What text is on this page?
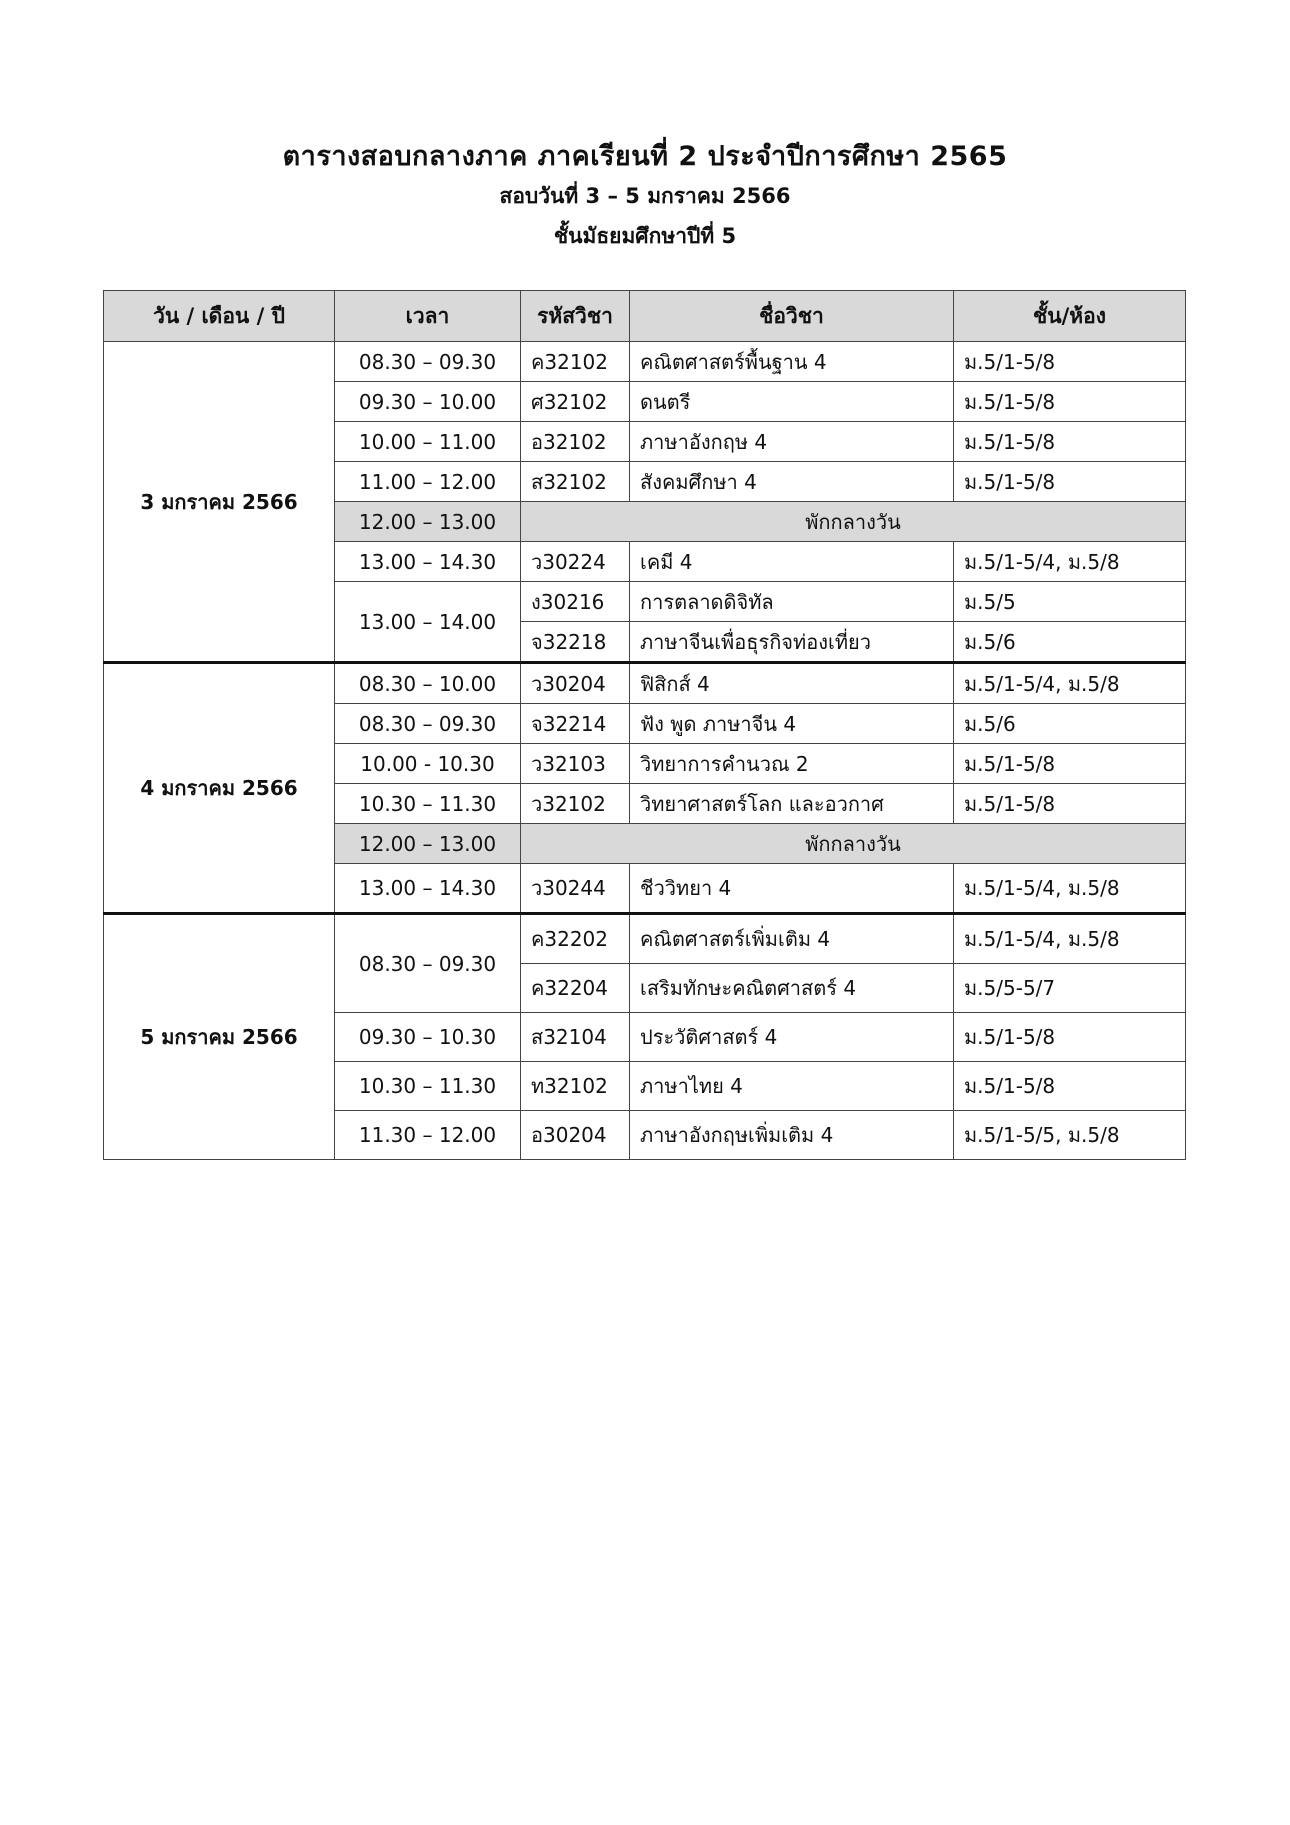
ตารางสอบกลางภาค ภาคเรียนที่ 2 ประจำปีการศึกษา 2565
สอบวันที่ 3 – 5 มกราคม 2566
ชั้นมัธยมศึกษาปีที่ 5
วัน / เดือน / ปี	เวลา	รหัสวิชา	ชื่อวิชา	ชั้น/ห้อง
3 มกราคม 2566	08.30 – 09.30	ค32102	คณิตศาสตร์พื้นฐาน 4	ม.5/1-5/8
	09.30 – 10.00	ศ32102	ดนตรี	ม.5/1-5/8
	10.00 – 11.00	อ32102	ภาษาอังกฤษ 4	ม.5/1-5/8
	11.00 – 12.00	ส32102	สังคมศึกษา 4	ม.5/1-5/8
	12.00 – 13.00	พักกลางวัน		
	13.00 – 14.30	ว30224	เคมี 4	ม.5/1-5/4, ม.5/8
	13.00 – 14.00	ง30216	การตลาดดิจิทัล	ม.5/5
		จ32218	ภาษาจีนเพื่อธุรกิจท่องเที่ยว	ม.5/6
4 มกราคม 2566	08.30 – 10.00	ว30204	ฟิสิกส์ 4	ม.5/1-5/4, ม.5/8
	08.30 – 09.30	จ32214	ฟัง พูด ภาษาจีน 4	ม.5/6
	10.00 - 10.30	ว32103	วิทยาการคำนวณ 2	ม.5/1-5/8
	10.30 – 11.30	ว32102	วิทยาศาสตร์โลก และอวกาศ	ม.5/1-5/8
	12.00 – 13.00	พักกลางวัน		
	13.00 – 14.30	ว30244	ชีววิทยา 4	ม.5/1-5/4, ม.5/8
5 มกราคม 2566	08.30 – 09.30	ค32202	คณิตศาสตร์เพิ่มเติม 4	ม.5/1-5/4, ม.5/8
		ค32204	เสริมทักษะคณิตศาสตร์ 4	ม.5/5-5/7
	09.30 – 10.30	ส32104	ประวัติศาสตร์ 4	ม.5/1-5/8
	10.30 – 11.30	ท32102	ภาษาไทย 4	ม.5/1-5/8
	11.30 – 12.00	อ30204	ภาษาอังกฤษเพิ่มเติม 4	ม.5/1-5/5, ม.5/8
